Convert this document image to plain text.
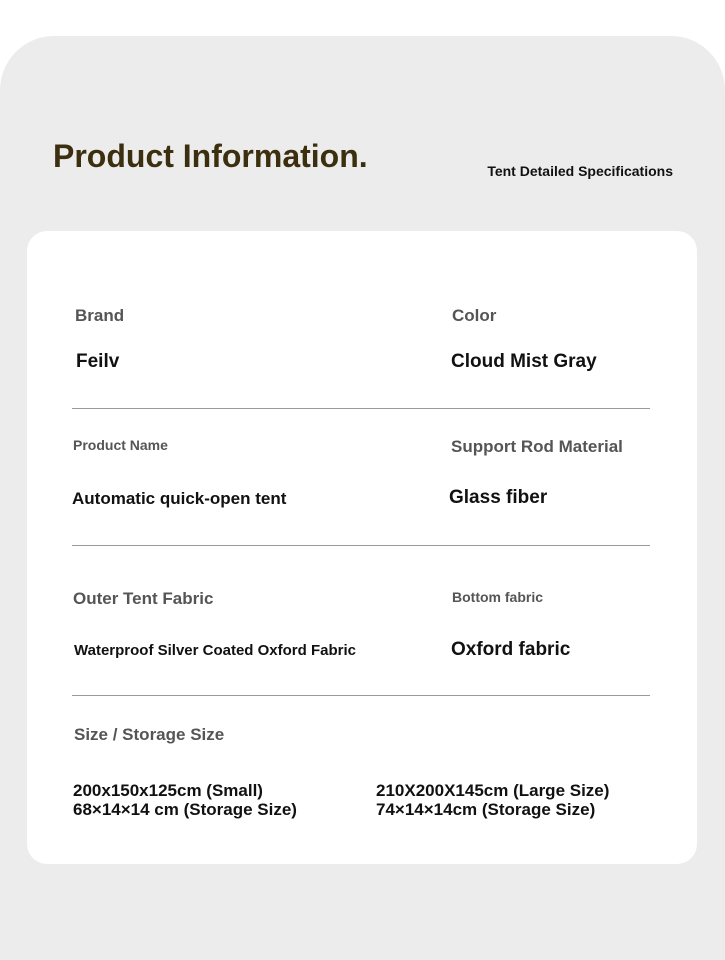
Product Information.	Tent Detailed Specifications
Brand
Feilv
Color
Cloud Mist Gray
Product Name
Automatic quick-open tent
Support Rod Material
Glass fiber
Outer Tent Fabric
Waterproof Silver Coated Oxford Fabric
Bottom fabric
Oxford fabric
Size / Storage Size
200x150x125cm (Small) 68×14×14 cm (Storage Size)
210X200X145cm (Large Size) 74×14×14cm (Storage Size)
